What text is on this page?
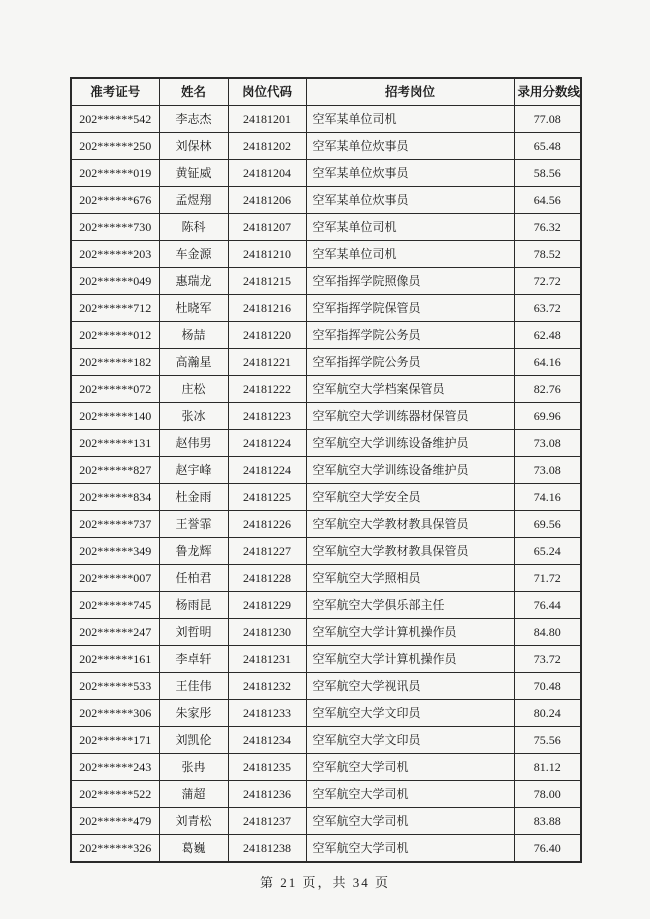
准考证号	姓名	岗位代码	招考岗位	录用分数线
202******542	李志杰	24181201	空军某单位司机	77.08
202******250	刘保林	24181202	空军某单位炊事员	65.48
202******019	黄钲威	24181204	空军某单位炊事员	58.56
202******676	孟煜翔	24181206	空军某单位炊事员	64.56
202******730	陈科	24181207	空军某单位司机	76.32
202******203	车金源	24181210	空军某单位司机	78.52
202******049	惠瑞龙	24181215	空军指挥学院照像员	72.72
202******712	杜晓军	24181216	空军指挥学院保管员	63.72
202******012	杨喆	24181220	空军指挥学院公务员	62.48
202******182	高瀚星	24181221	空军指挥学院公务员	64.16
202******072	庄松	24181222	空军航空大学档案保管员	82.76
202******140	张冰	24181223	空军航空大学训练器材保管员	69.96
202******131	赵伟男	24181224	空军航空大学训练设备维护员	73.08
202******827	赵宇峰	24181224	空军航空大学训练设备维护员	73.08
202******834	杜金雨	24181225	空军航空大学安全员	74.16
202******737	王誉霏	24181226	空军航空大学教材教具保管员	69.56
202******349	鲁龙辉	24181227	空军航空大学教材教具保管员	65.24
202******007	任柏君	24181228	空军航空大学照相员	71.72
202******745	杨雨昆	24181229	空军航空大学俱乐部主任	76.44
202******247	刘哲明	24181230	空军航空大学计算机操作员	84.80
202******161	李卓轩	24181231	空军航空大学计算机操作员	73.72
202******533	王佳伟	24181232	空军航空大学视讯员	70.48
202******306	朱家彤	24181233	空军航空大学文印员	80.24
202******171	刘凯伦	24181234	空军航空大学文印员	75.56
202******243	张冉	24181235	空军航空大学司机	81.12
202******522	蒲超	24181236	空军航空大学司机	78.00
202******479	刘青松	24181237	空军航空大学司机	83.88
202******326	葛巍	24181238	空军航空大学司机	76.40
第 21 页，共 34 页
